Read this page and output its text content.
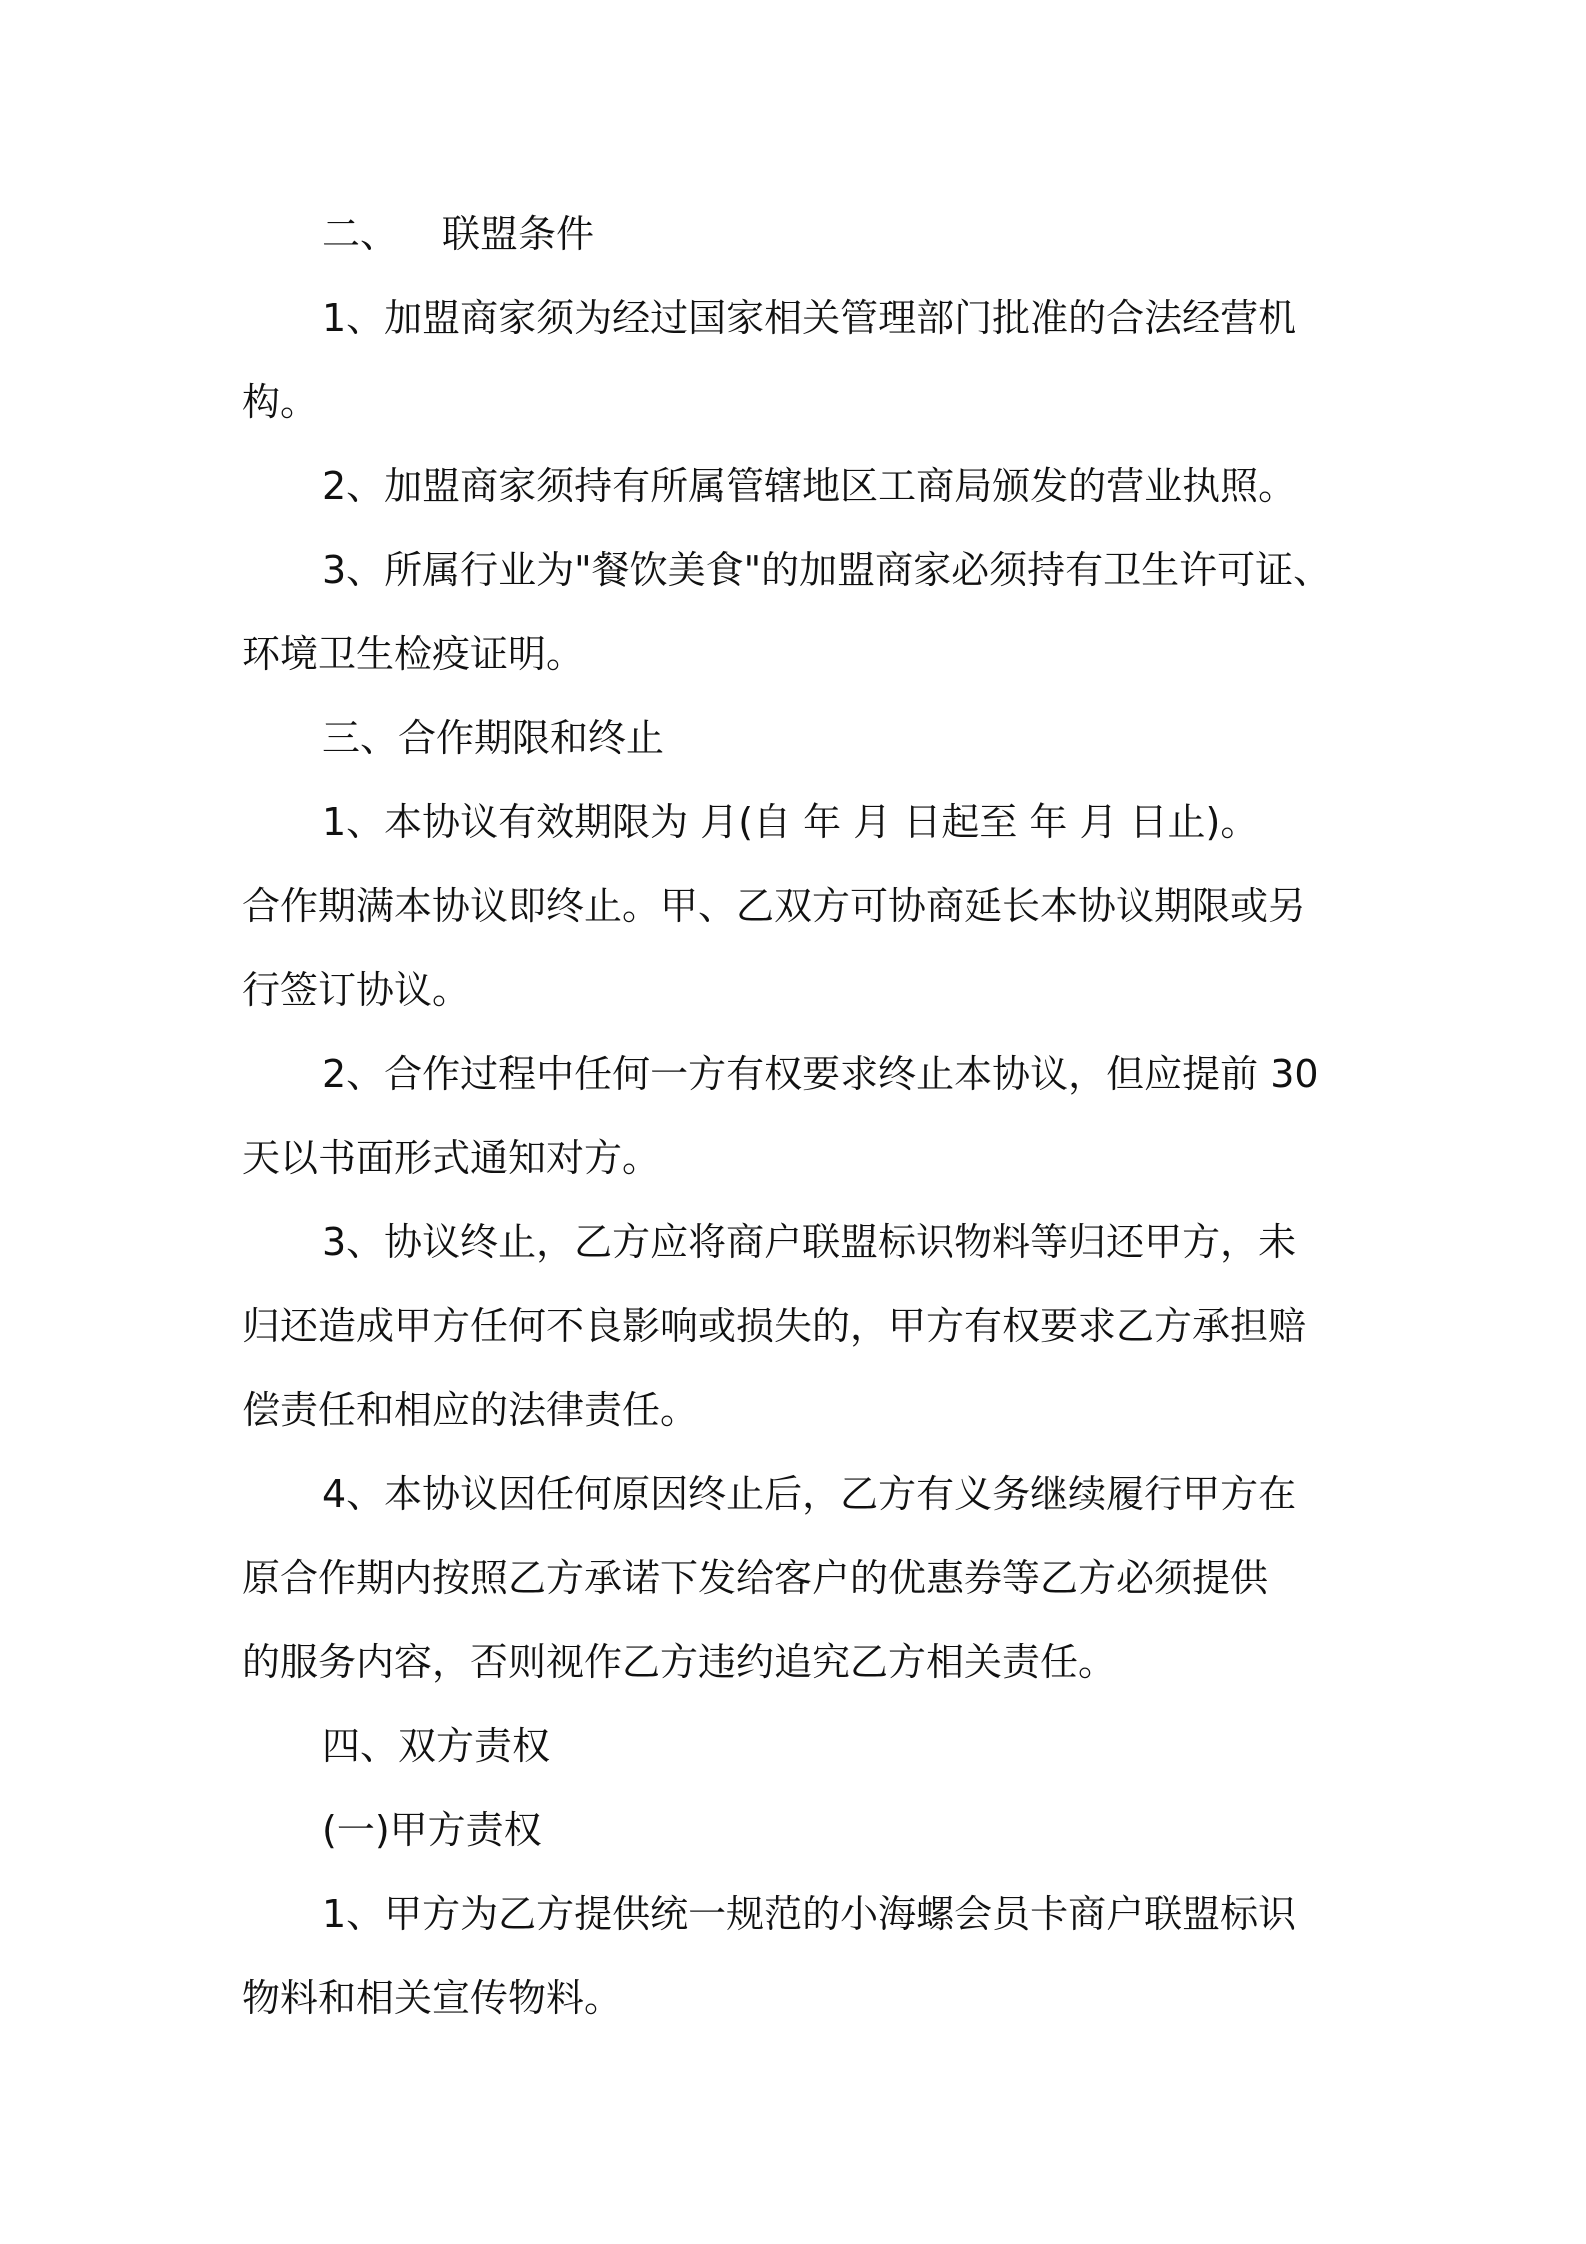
二、 联盟条件

1、加盟商家须为经过国家相关管理部门批准的合法经营机

构。

2、加盟商家须持有所属管辖地区工商局颁发的营业执照。

3、所属行业为"餐饮美食"的加盟商家必须持有卫生许可证、

环境卫生检疫证明。

三、合作期限和终止

1、本协议有效期限为 月(自 年 月 日起至 年 月 日止)。

合作期满本协议即终止。甲、乙双方可协商延长本协议期限或另

行签订协议。

2、合作过程中任何一方有权要求终止本协议，但应提前 30

天以书面形式通知对方。

3、协议终止，乙方应将商户联盟标识物料等归还甲方，未

归还造成甲方任何不良影响或损失的，甲方有权要求乙方承担赔

偿责任和相应的法律责任。

4、本协议因任何原因终止后，乙方有义务继续履行甲方在

原合作期内按照乙方承诺下发给客户的优惠券等乙方必须提供

的服务内容，否则视作乙方违约追究乙方相关责任。

四、双方责权

(一)甲方责权

1、甲方为乙方提供统一规范的小海螺会员卡商户联盟标识

物料和相关宣传物料。
